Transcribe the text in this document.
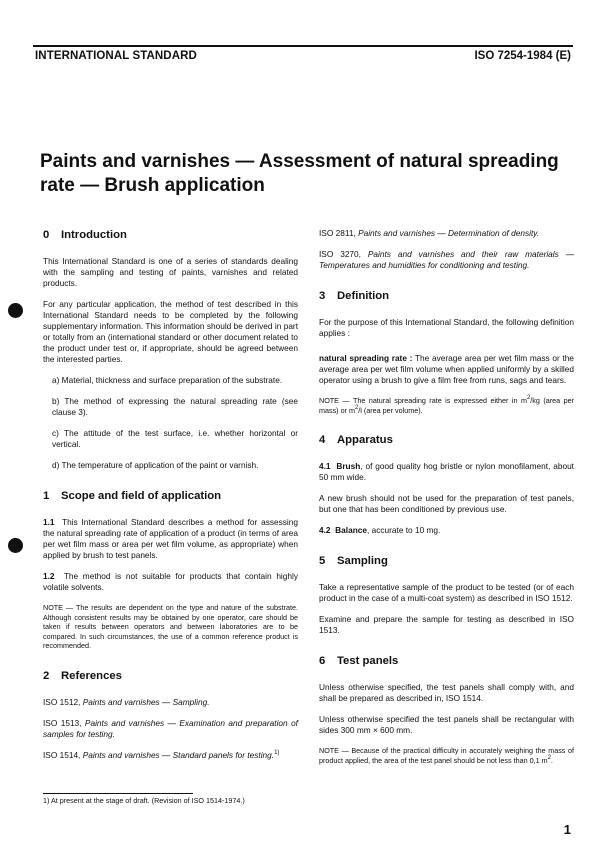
INTERNATIONAL STANDARD	ISO 7254-1984 (E)
Paints and varnishes — Assessment of natural spreading rate — Brush application
0 Introduction

This International Standard is one of a series of standards dealing with the sampling and testing of paints, varnishes and related products.

For any particular application, the method of test described in this International Standard needs to be completed by the following supplementary information. This information should be derived in part or totally from an (international standard or other document related to the product under test or, if appropriate, should be agreed between the interested parties.

a) Material, thickness and surface preparation of the substrate.

b) The method of expressing the natural spreading rate (see clause 3).

c) The attitude of the test surface, i.e. whether horizontal or vertical.

d) The temperature of application of the paint or varnish.

1 Scope and field of application

1.1 This International Standard describes a method for assessing the natural spreading rate of application of a product (in terms of area per wet film mass or area per wet film volume, as appropriate) when applied by brush to test panels.

1.2 The method is not suitable for products that contain highly volatile solvents.

NOTE — The results are dependent on the type and nature of the substrate. Although consistent results may be obtained by one operator, care should be taken if results between operators and between laboratories are to be compared. In such circumstances, the use of a common reference product is recommended.
2 References

ISO 1512, Paints and varnishes — Sampling.

ISO 1513, Paints and varnishes — Examination and preparation of samples for testing.

ISO 1514, Paints and varnishes — Standard panels for testing.$^{1)}$

ISO 2811, Paints and varnishes — Determination of density.

ISO 3270, Paints and varnishes and their raw materials — Temperatures and humidities for conditioning and testing.

3 Definition

For the purpose of this International Standard, the following definition applies :

natural spreading rate : The average area per wet film mass or the average area per wet film volume when applied uniformly by a skilled operator using a brush to give a film free from runs, sags and tears.

NOTE — The natural spreading rate is expressed either in $m^2/kg$ (area per mass) or $m^2/l$ (area per volume).
4 Apparatus

4.1 Brush, of good quality hog bristle or nylon monofilament, about 50 mm wide.

A new brush should not be used for the preparation of test panels, but one that has been conditioned by previous use.

4.2 Balance, accurate to 10 mg.

5 Sampling

Take a representative sample of the product to be tested (or of each product in the case of a multi-coat system) as described in ISO 1512.

Examine and prepare the sample for testing as described in ISO 1513.

6 Test panels

Unless otherwise specified, the test panels shall comply with, and shall be prepared as described in, ISO 1514.

Unless otherwise specified the test panels shall be rectangular with sides 300 mm × 600 mm.

NOTE — Because of the practical difficulty in accurately weighing the mass of product applied, the area of the test panel should be not less than 0,1 $m^2$.
1) At present at the stage of draft. (Revision of ISO 1514-1974.)
1
